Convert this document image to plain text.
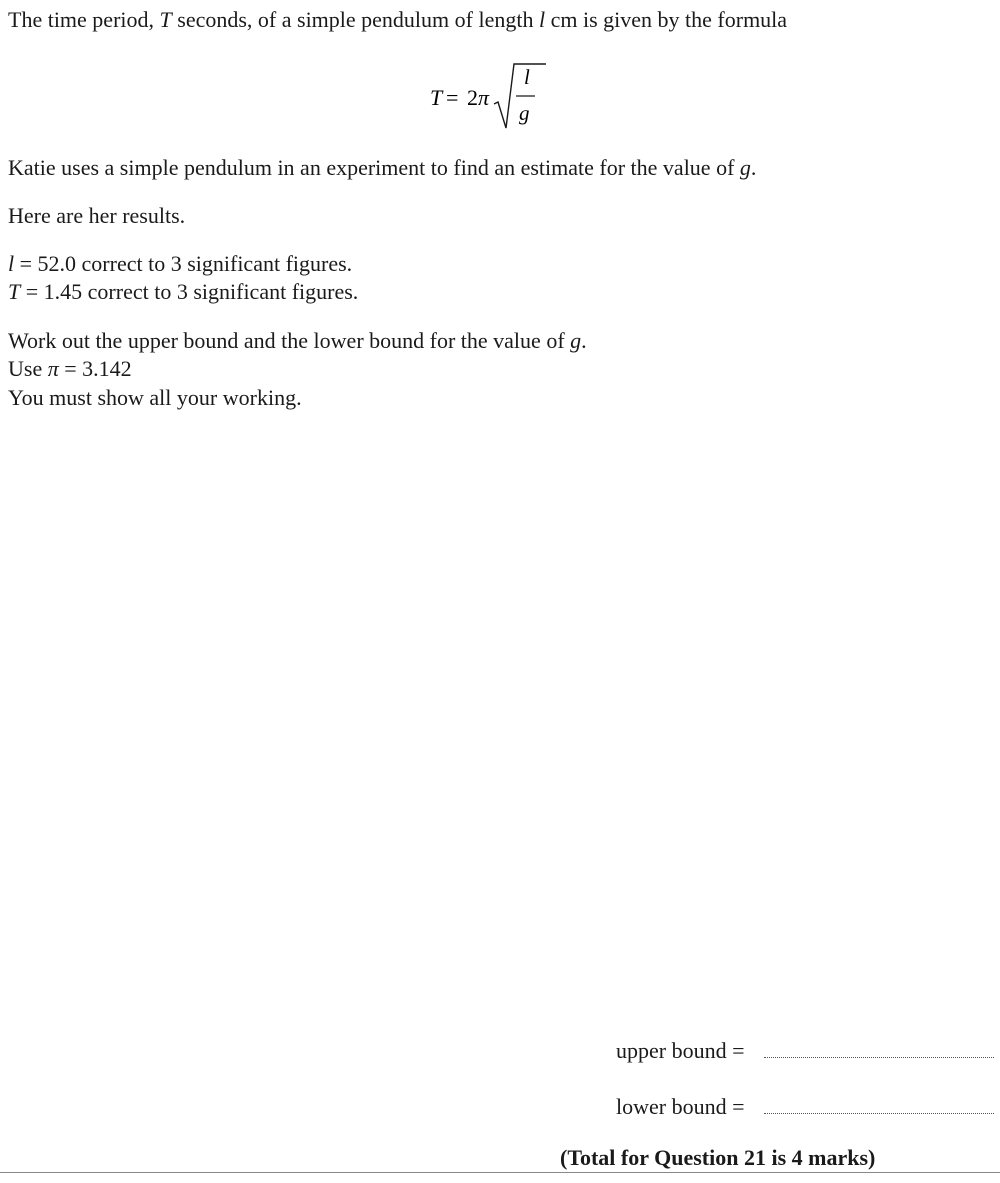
The time period, T seconds, of a simple pendulum of length l cm is given by the formula
T = 2 π
l
g
Katie uses a simple pendulum in an experiment to find an estimate for the value of g.
Here are her results.
l = 52.0 correct to 3 significant figures.
T = 1.45 correct to 3 significant figures.
Work out the upper bound and the lower bound for the value of g.
Use π = 3.142
You must show all your working.
upper bound =
lower bound =
(Total for Question 21 is 4 marks)
